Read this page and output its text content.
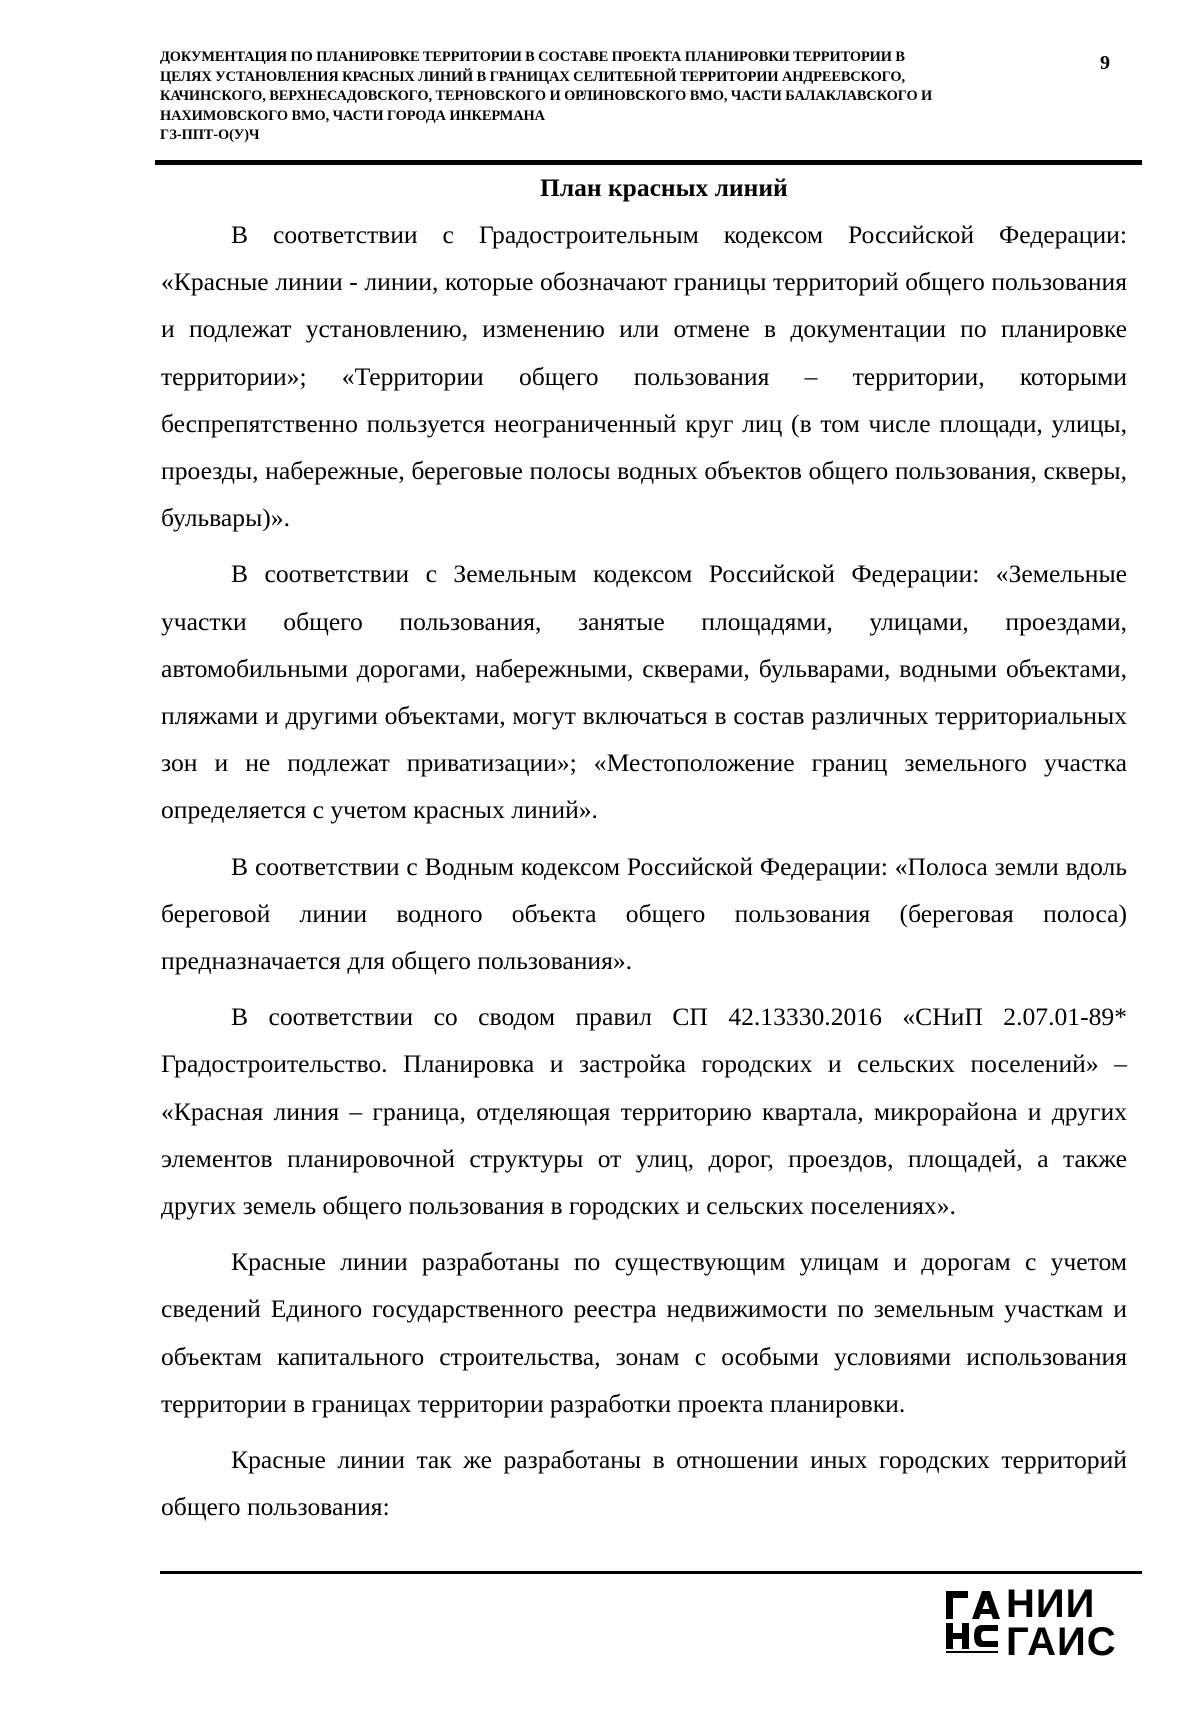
ДОКУМЕНТАЦИЯ ПО ПЛАНИРОВКЕ ТЕРРИТОРИИ В СОСТАВЕ ПРОЕКТА ПЛАНИРОВКИ ТЕРРИТОРИИ В
ЦЕЛЯХ УСТАНОВЛЕНИЯ КРАСНЫХ ЛИНИЙ В ГРАНИЦАХ СЕЛИТЕБНОЙ ТЕРРИТОРИИ АНДРЕЕВСКОГО,
КАЧИНСКОГО, ВЕРХНЕСАДОВСКОГО, ТЕРНОВСКОГО И ОРЛИНОВСКОГО ВМО, ЧАСТИ БАЛАКЛАВСКОГО И
НАХИМОВСКОГО ВМО, ЧАСТИ ГОРОДА ИНКЕРМАНА
ГЗ-ППТ-О(У)Ч
9
План красных линий

В соответствии с Градостроительным кодексом Российской Федерации: «Красные линии - линии, которые обозначают границы территорий общего пользования и подлежат установлению, изменению или отмене в документации по планировке территории»; «Территории общего пользования – территории, которыми беспрепятственно пользуется неограниченный круг лиц (в том числе площади, улицы, проезды, набережные, береговые полосы водных объектов общего пользования, скверы, бульвары)».

В соответствии с Земельным кодексом Российской Федерации: «Земельные участки общего пользования, занятые площадями, улицами, проездами, автомобильными дорогами, набережными, скверами, бульварами, водными объектами, пляжами и другими объектами, могут включаться в состав различных территориальных зон и не подлежат приватизации»; «Местоположение границ земельного участка определяется с учетом красных линий».

В соответствии с Водным кодексом Российской Федерации: «Полоса земли вдоль береговой линии водного объекта общего пользования (береговая полоса) предназначается для общего пользования».

В соответствии со сводом правил СП 42.13330.2016 «СНиП 2.07.01-89* Градостроительство. Планировка и застройка городских и сельских поселений» – «Красная линия – граница, отделяющая территорию квартала, микрорайона и других элементов планировочной структуры от улиц, дорог, проездов, площадей, а также других земель общего пользования в городских и сельских поселениях».

Красные линии разработаны по существующим улицам и дорогам с учетом сведений Единого государственного реестра недвижимости по земельным участкам и объектам капитального строительства, зонам с особыми условиями использования территории в границах территории разработки проекта планировки.

Красные линии так же разработаны в отношении иных городских территорий общего пользования:

НИИ
ГАИС
